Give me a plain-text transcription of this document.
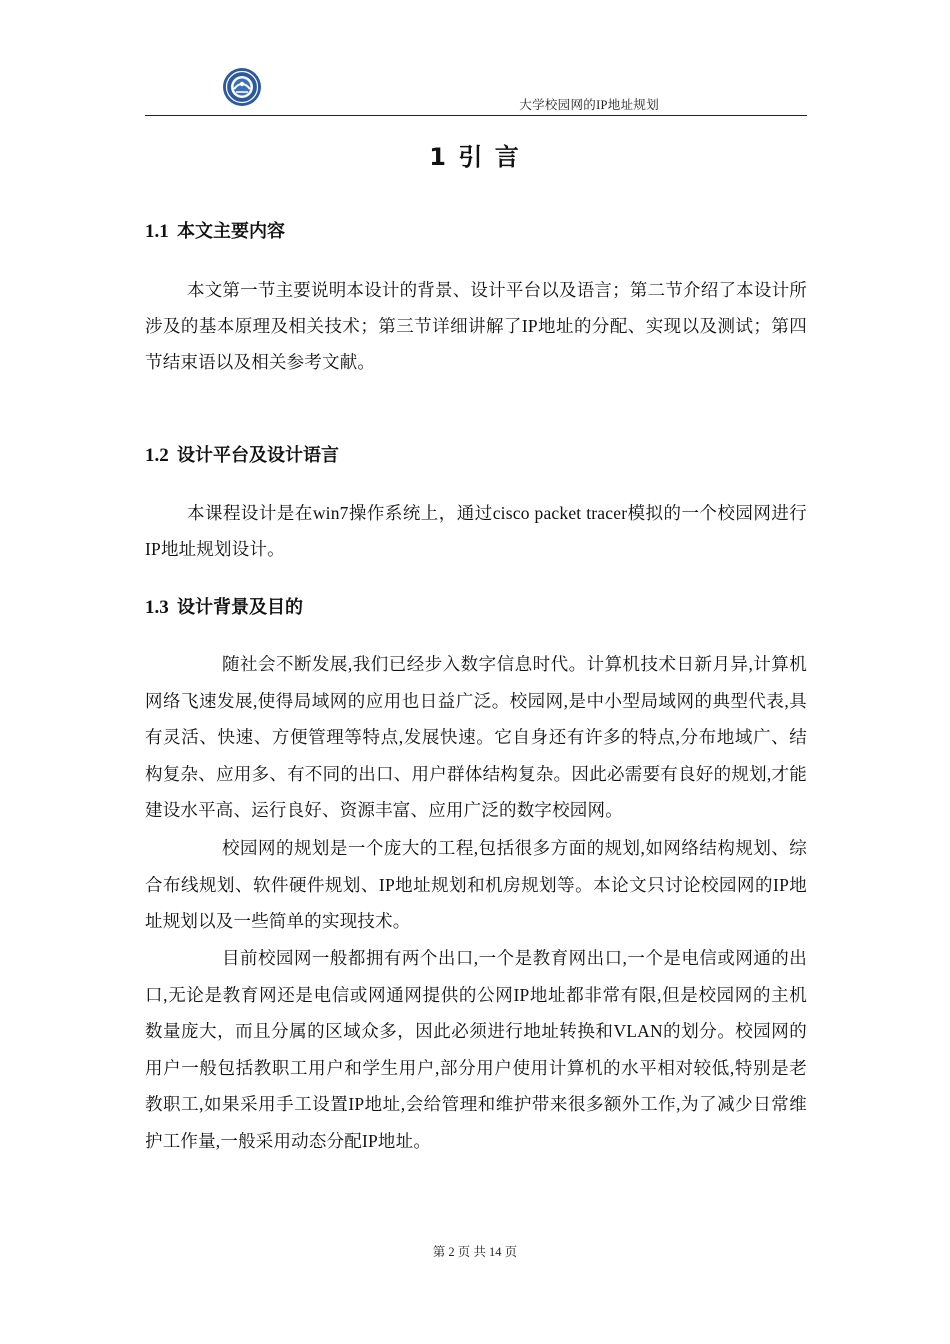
大学校园网的IP地址规划
1 引 言
1.1 本文主要内容

本文第一节主要说明本设计的背景、设计平台以及语言；第二节介绍了本设计所涉及的基本原理及相关技术；第三节详细讲解了IP地址的分配、实现以及测试；第四节结束语以及相关参考文献。

1.2 设计平台及设计语言

本课程设计是在win7操作系统上，通过cisco packet tracer模拟的一个校园网进行IP地址规划设计。

1.3 设计背景及目的

随社会不断发展,我们已经步入数字信息时代。计算机技术日新月异,计算机网络飞速发展,使得局域网的应用也日益广泛。校园网,是中小型局域网的典型代表,具有灵活、快速、方便管理等特点,发展快速。它自身还有许多的特点,分布地域广、结构复杂、应用多、有不同的出口、用户群体结构复杂。因此必需要有良好的规划,才能建设水平高、运行良好、资源丰富、应用广泛的数字校园网。

校园网的规划是一个庞大的工程,包括很多方面的规划,如网络结构规划、综合布线规划、软件硬件规划、IP地址规划和机房规划等。本论文只讨论校园网的IP地址规划以及一些简单的实现技术。

目前校园网一般都拥有两个出口,一个是教育网出口,一个是电信或网通的出口,无论是教育网还是电信或网通网提供的公网IP地址都非常有限,但是校园网的主机数量庞大，而且分属的区域众多，因此必须进行地址转换和VLAN的划分。校园网的用户一般包括教职工用户和学生用户,部分用户使用计算机的水平相对较低,特别是老教职工,如果采用手工设置IP地址,会给管理和维护带来很多额外工作,为了减少日常维护工作量,一般采用动态分配IP地址。

第 2 页 共 14 页
